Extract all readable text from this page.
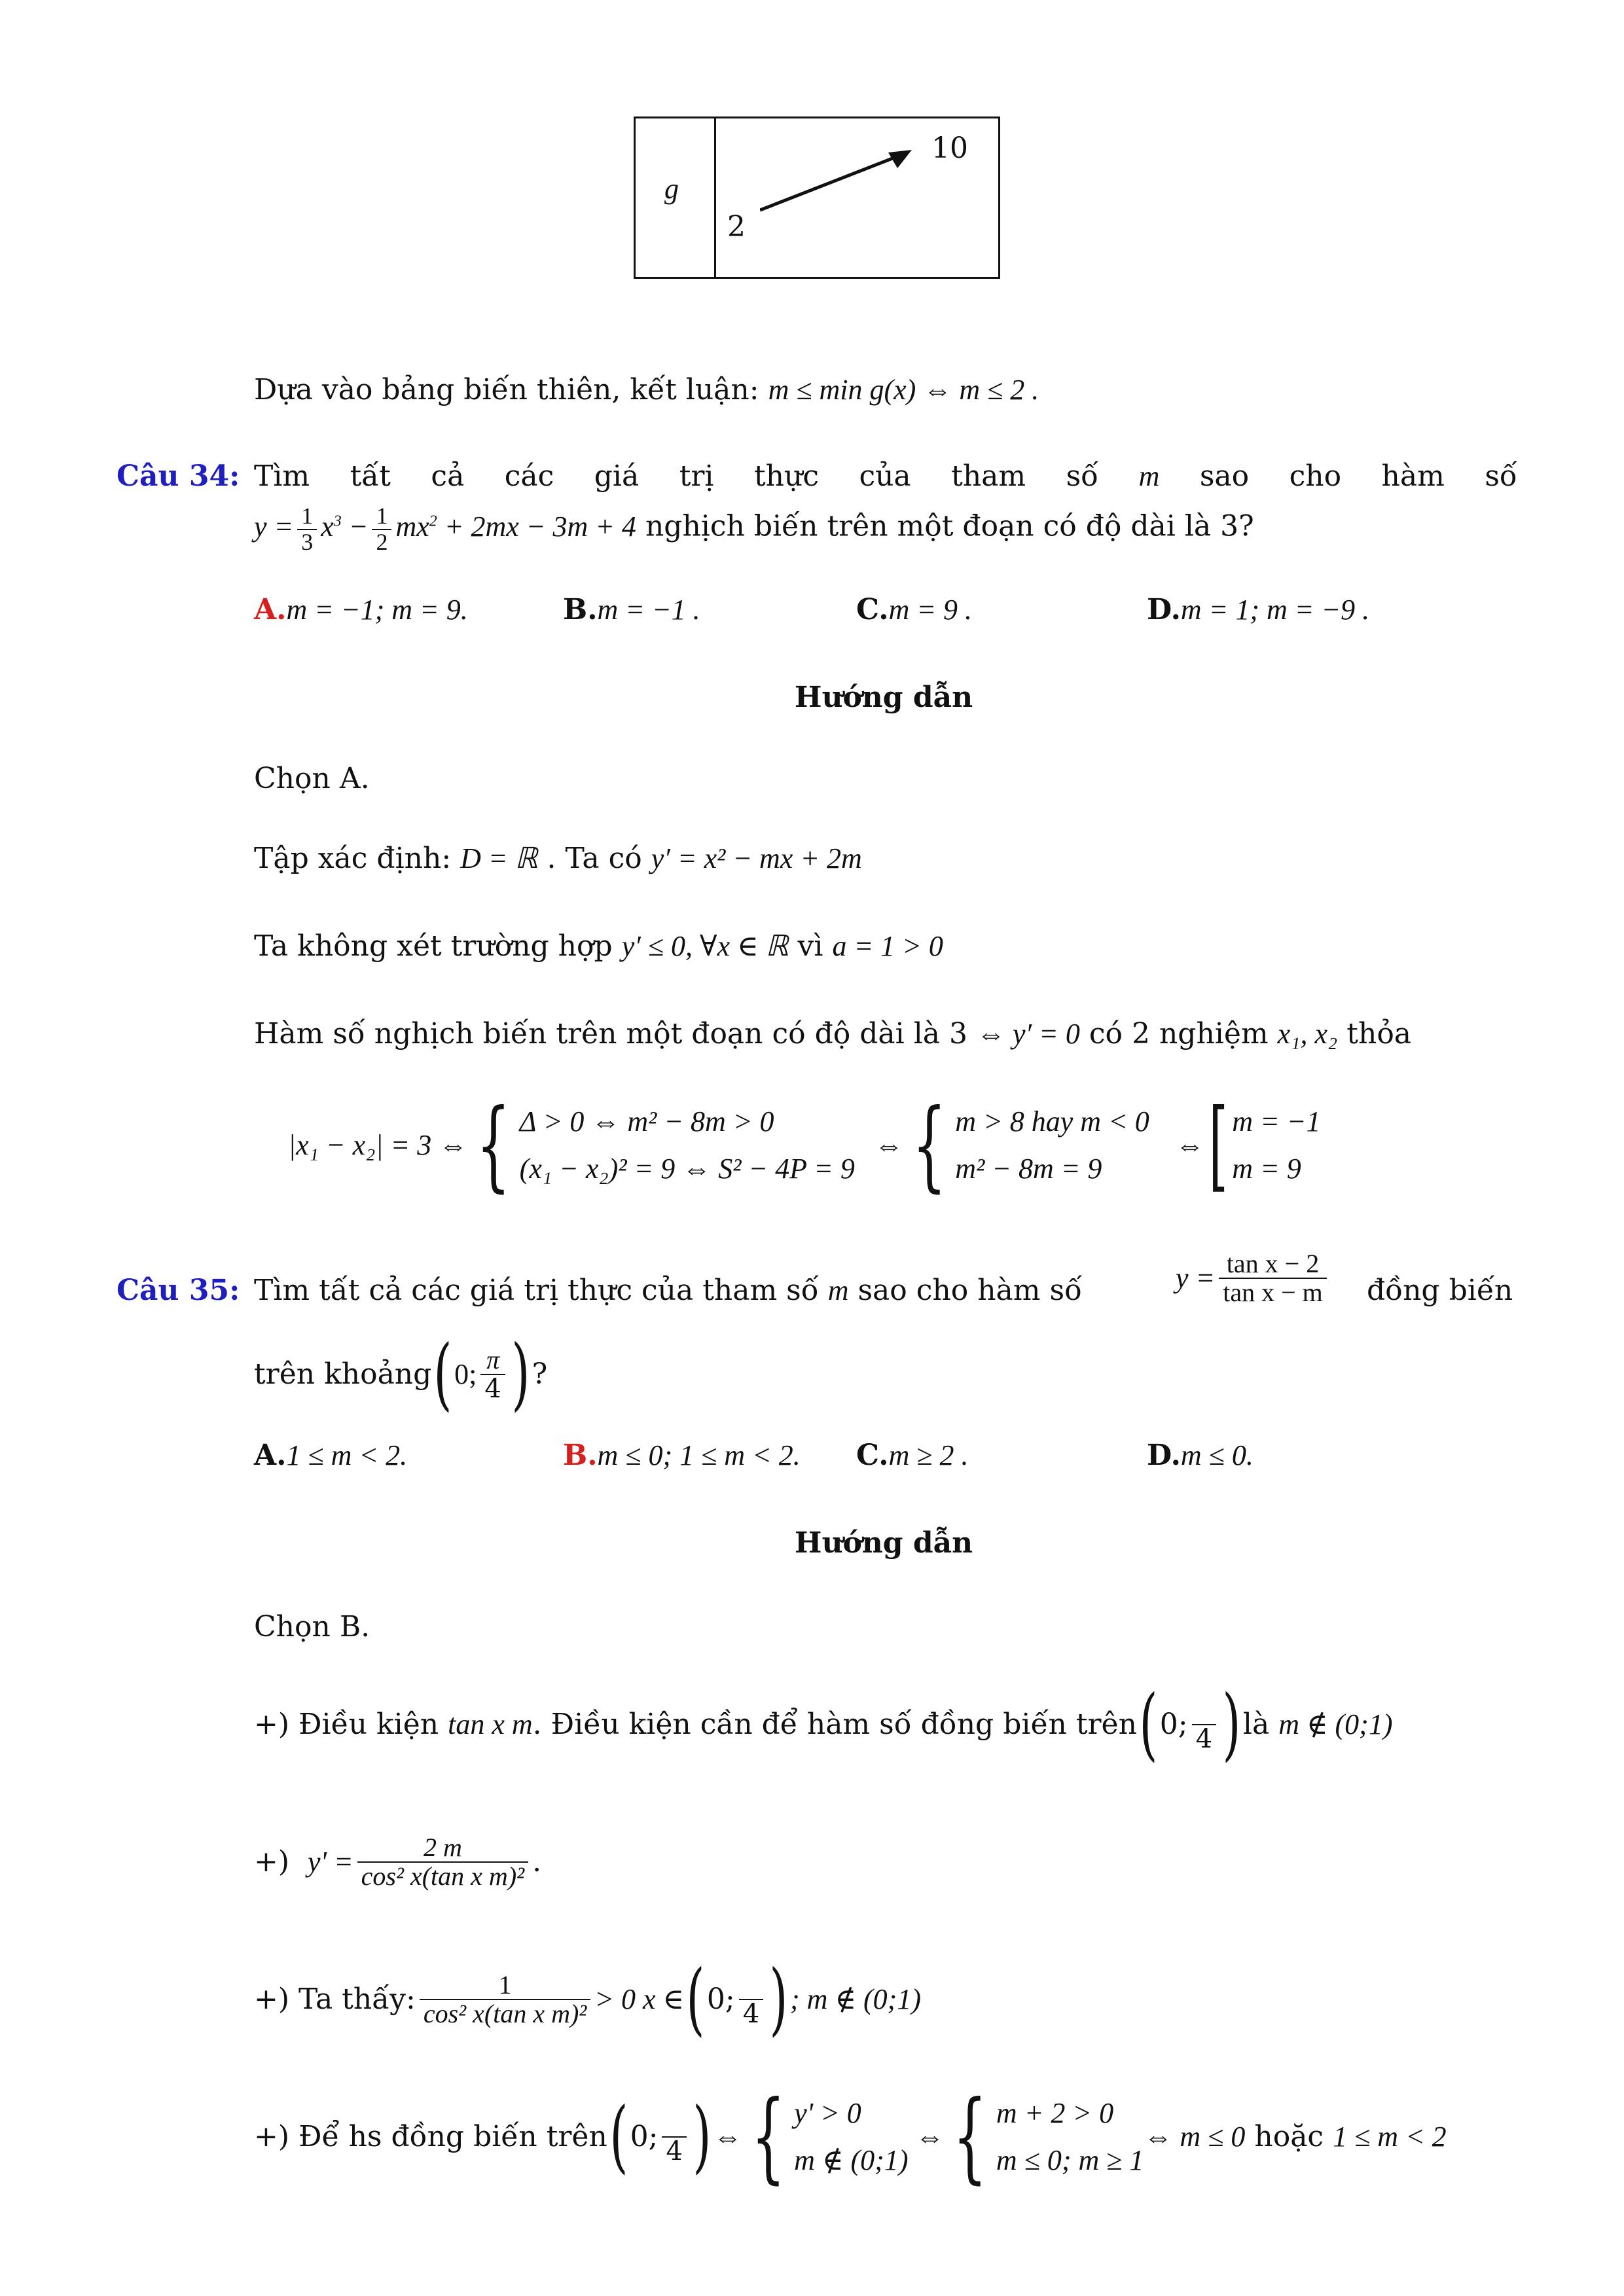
g
2
10
Dựa vào bảng biến thiên, kết luận: m ≤ min g(x) ⇔ m ≤ 2 .
Câu 34: Tìm tất cả các giá trị thực của tham số m sao cho hàm số
$y = \frac{1}{3} x^3 - \frac{1}{2} mx^2 + 2mx - 3m + 4$ nghịch biến trên một đoạn có độ dài là 3?
A.m = −1; m = 9.	B.m = −1 .	C.m = 9 .	D.m = 1; m = −9 .
Hướng dẫn
Chọn A.
Tập xác định: D = ℝ . Ta có y′ = x² − mx + 2m
Ta không xét trường hợp y′ ≤ 0, ∀x ∈ ℝ vì a = 1 > 0
Hàm số nghịch biến trên một đoạn có độ dài là 3 ⇔ y′ = 0 có 2 nghiệm x₁, x₂ thỏa
|x₁ − x₂| = 3 ⇔ { Δ > 0 ⇔ m² − 8m > 0
(x₁ − x₂)² = 9 ⇔ S² − 4P = 9
⇔ { m > 8 hay m < 0
m² − 8m = 9
⇔ [ m = −1
m = 9
Câu 35: Tìm tất cả các giá trị thực của tham số m sao cho hàm số	$y = \frac{\text{tan x − 2}}{\text{tan x − m}}$ đồng biến
trên khoảng ( 0; $\frac{\pi}{4}$ ) ?
A.1 ≤ m < 2.	B.m ≤ 0; 1 ≤ m < 2. C.m ≥ 2 .	D.m ≤ 0.
Hướng dẫn
Chọn B.
+) Điều kiện
tan x m . Điều kiện cần để hàm số đồng biến trên ( 0;
4 ) là
m ∉ (0;1)
+)
$y' = \frac{2 m}{\text{cos² x(tan x m)²}}$ .
+) Ta thấy: $\frac{1}{\text{cos² x(tan x m)²}} > 0$ x ∈ ( 0;
4 ) ; m ∉ (0;1)
+) Để hs đồng biến trên ( 0;
4 ) ⇔ { y' > 0
m ∉ (0;1)
⇔ { m + 2 > 0
m ≤ 0; m ≥ 1
⇔ m ≤ 0
hoặc
1 ≤ m < 2
